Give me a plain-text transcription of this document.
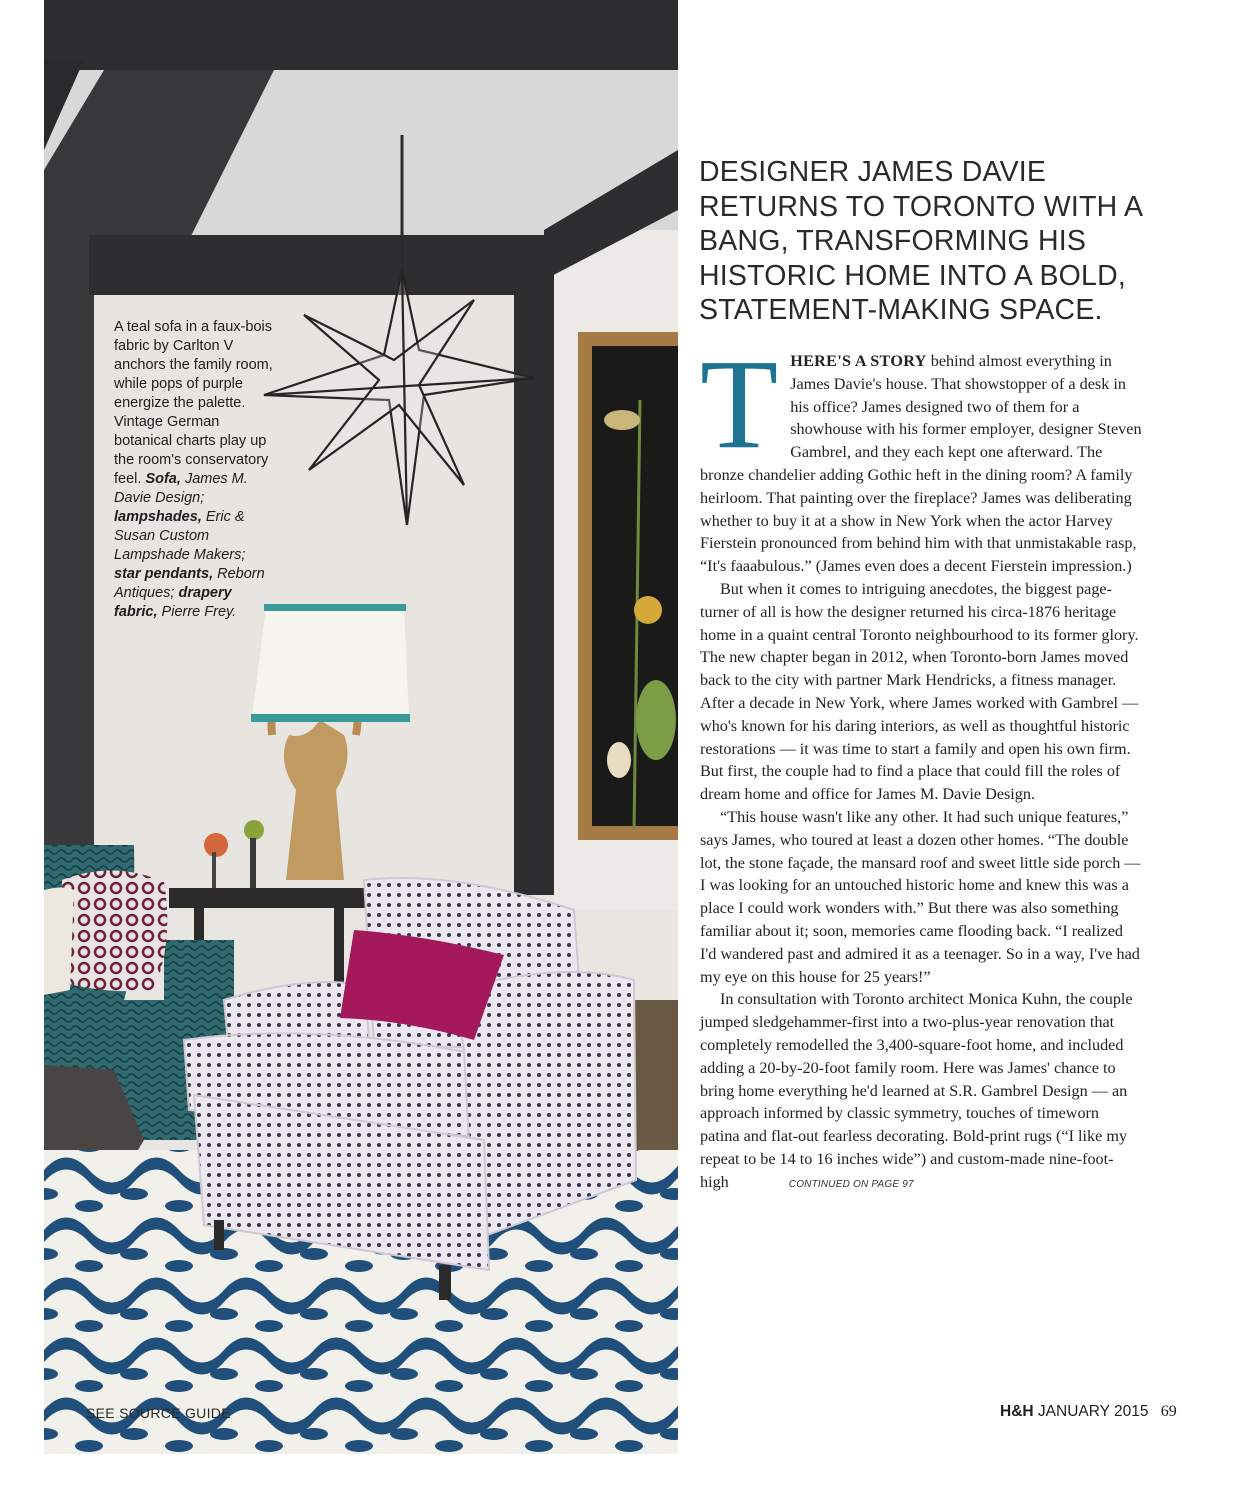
A teal sofa in a faux-bois fabric by Carlton V anchors the family room, while pops of purple energize the palette. Vintage German botanical charts play up the room's conservatory feel. Sofa, James M. Davie Design; lampshades, Eric & Susan Custom Lampshade Makers; star pendants, Reborn Antiques; drapery fabric, Pierre Frey.

SEE SOURCE GUIDE
DESIGNER JAMES DAVIE RETURNS TO TORONTO WITH A BANG, TRANSFORMING HIS HISTORIC HOME INTO A BOLD, STATEMENT-MAKING SPACE.

THERE'S A STORY behind almost everything in James Davie's house. That showstopper of a desk in his office? James designed two of them for a showhouse with his former employer, designer Steven Gambrel, and they each kept one afterward. The bronze chandelier adding Gothic heft in the dining room? A family heirloom. That painting over the fireplace? James was deliberating whether to buy it at a show in New York when the actor Harvey Fierstein pronounced from behind him with that unmistakable rasp, “It's faaabulous.” (James even does a decent Fierstein impression.)

But when it comes to intriguing anecdotes, the biggest page-turner of all is how the designer returned his circa-1876 heritage home in a quaint central Toronto neighbourhood to its former glory. The new chapter began in 2012, when Toronto-born James moved back to the city with partner Mark Hendricks, a fitness manager. After a decade in New York, where James worked with Gambrel — who's known for his daring interiors, as well as thoughtful historic restorations — it was time to start a family and open his own firm. But first, the couple had to find a place that could fill the roles of dream home and office for James M. Davie Design.

“This house wasn't like any other. It had such unique features,” says James, who toured at least a dozen other homes. “The double lot, the stone façade, the mansard roof and sweet little side porch — I was looking for an untouched historic home and knew this was a place I could work wonders with.” But there was also something familiar about it; soon, memories came flooding back. “I realized I'd wandered past and admired it as a teenager. So in a way, I've had my eye on this house for 25 years!”

In consultation with Toronto architect Monica Kuhn, the couple jumped sledgehammer-first into a two-plus-year renovation that completely remodelled the 3,400-square-foot home, and included adding a 20-by-20-foot family room. Here was James' chance to bring home everything he'd learned at S.R. Gambrel Design — an approach informed by classic symmetry, touches of timeworn patina and flat-out fearless decorating. Bold-print rugs (“I like my repeat to be 14 to 16 inches wide”) and custom-made nine-foot-high	CONTINUED ON PAGE 97

H&H JANUARY 2015 69
